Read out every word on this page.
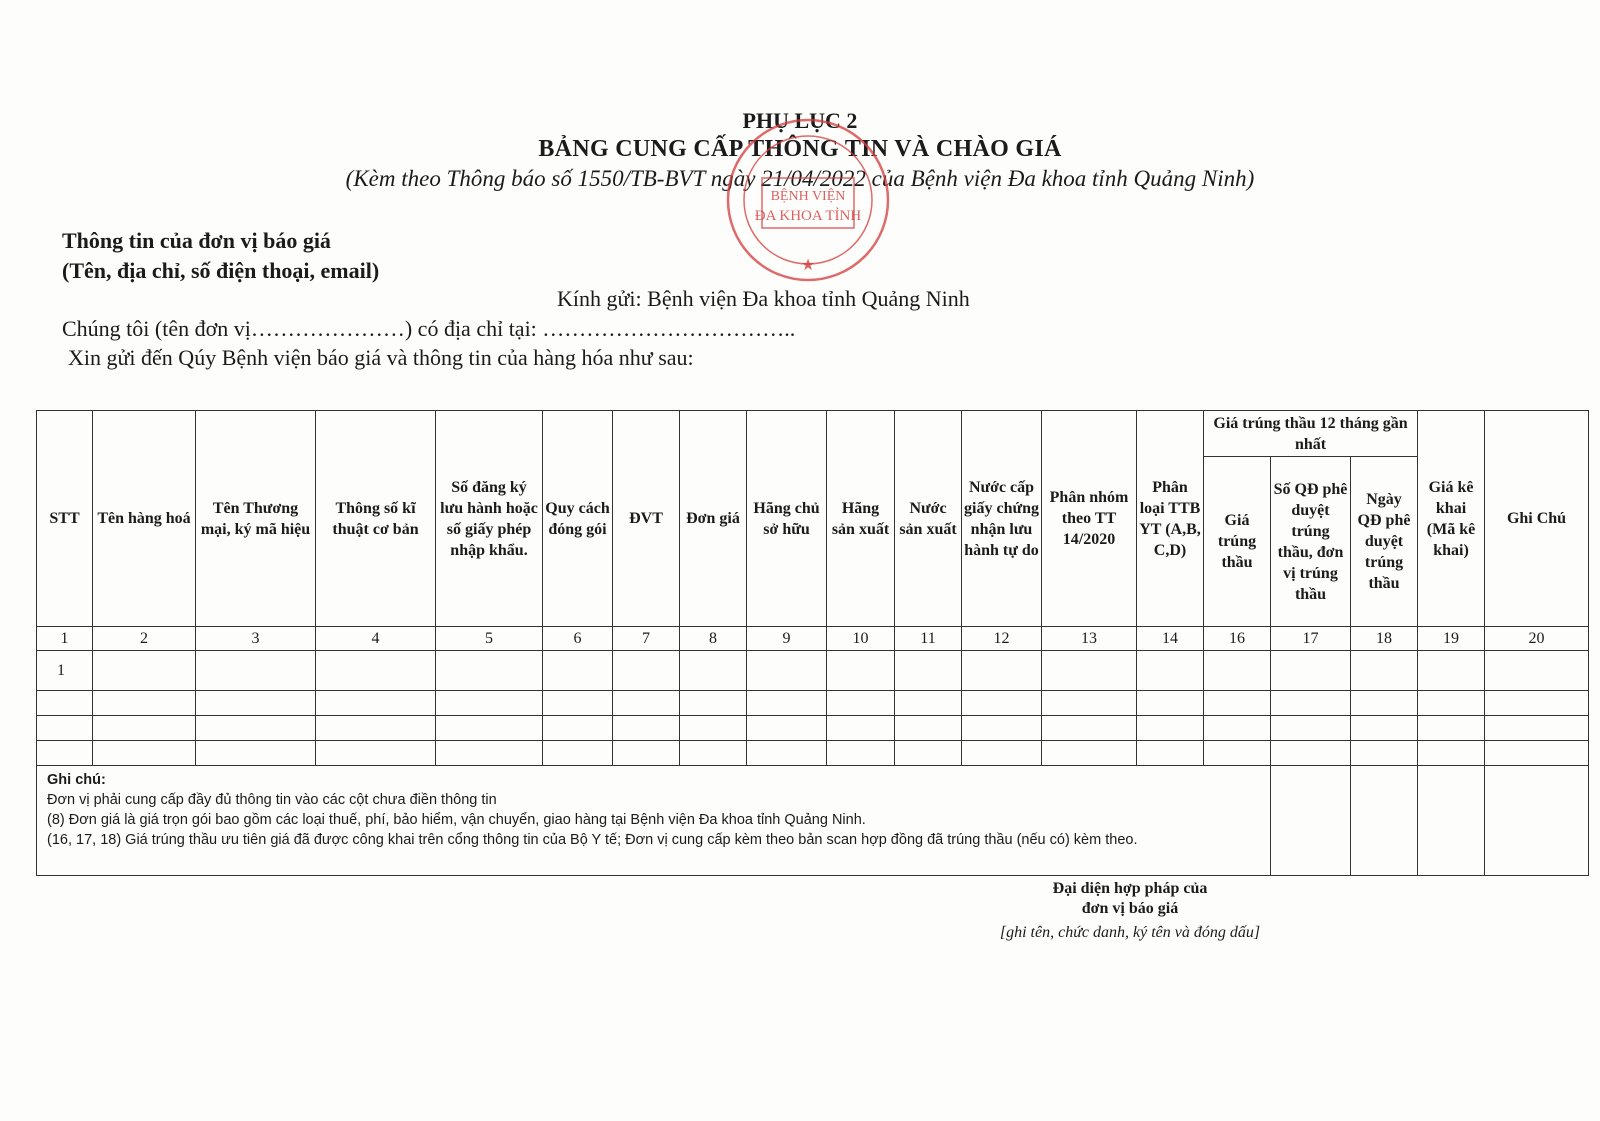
PHỤ LỤC 2
BẢNG CUNG CẤP THÔNG TIN VÀ CHÀO GIÁ
(Kèm theo Thông báo số 1550/TB-BVT ngày 21/04/2022 của Bệnh viện Đa khoa tỉnh Quảng Ninh)
BỆNH VIỆN
ĐA KHOA TỈNH
★
Thông tin của đơn vị báo giá
(Tên, địa chỉ, số điện thoại, email)
Kính gửi: Bệnh viện Đa khoa tỉnh Quảng Ninh
Chúng tôi (tên đơn vị…………………) có địa chỉ tại: ……………………………..
Xin gửi đến Qúy Bệnh viện báo giá và thông tin của hàng hóa như sau:
STT	Tên hàng hoá	Tên Thương mại, ký mã hiệu	Thông số kĩ thuật cơ bản	Số đăng ký lưu hành hoặc số giấy phép nhập khẩu.	Quy cách đóng gói	ĐVT	Đơn giá	Hãng chủ sở hữu	Hãng sản xuất	Nước sản xuất	Nước cấp giấy chứng nhận lưu hành tự do	Phân nhóm theo TT 14/2020	Phân loại TTB YT (A,B, C,D)	Giá trúng thầu 12 tháng gần nhất			Giá kê khai (Mã kê khai)	Ghi Chú
														Giá trúng thầu	Số QĐ phê duyệt trúng thầu, đơn vị trúng thầu	Ngày QĐ phê duyệt trúng thầu		
1	2	3	4	5	6	7	8	9	10	11	12	13	14	16	17	18	19	20
1																		

Ghi chú:
Đơn vị phải cung cấp đầy đủ thông tin vào các cột chưa điền thông tin
(8) Đơn giá là giá trọn gói bao gồm các loại thuế, phí, bảo hiểm, vận chuyển, giao hàng tại Bệnh viện Đa khoa tỉnh Quảng Ninh.
(16, 17, 18) Giá trúng thầu ưu tiên giá đã được công khai trên cổng thông tin của Bộ Y tế; Đơn vị cung cấp kèm theo bản scan hợp đồng đã trúng thầu (nếu có) kèm theo.																		

Đại diện hợp pháp của
đơn vị báo giá
[ghi tên, chức danh, ký tên và đóng dấu]
